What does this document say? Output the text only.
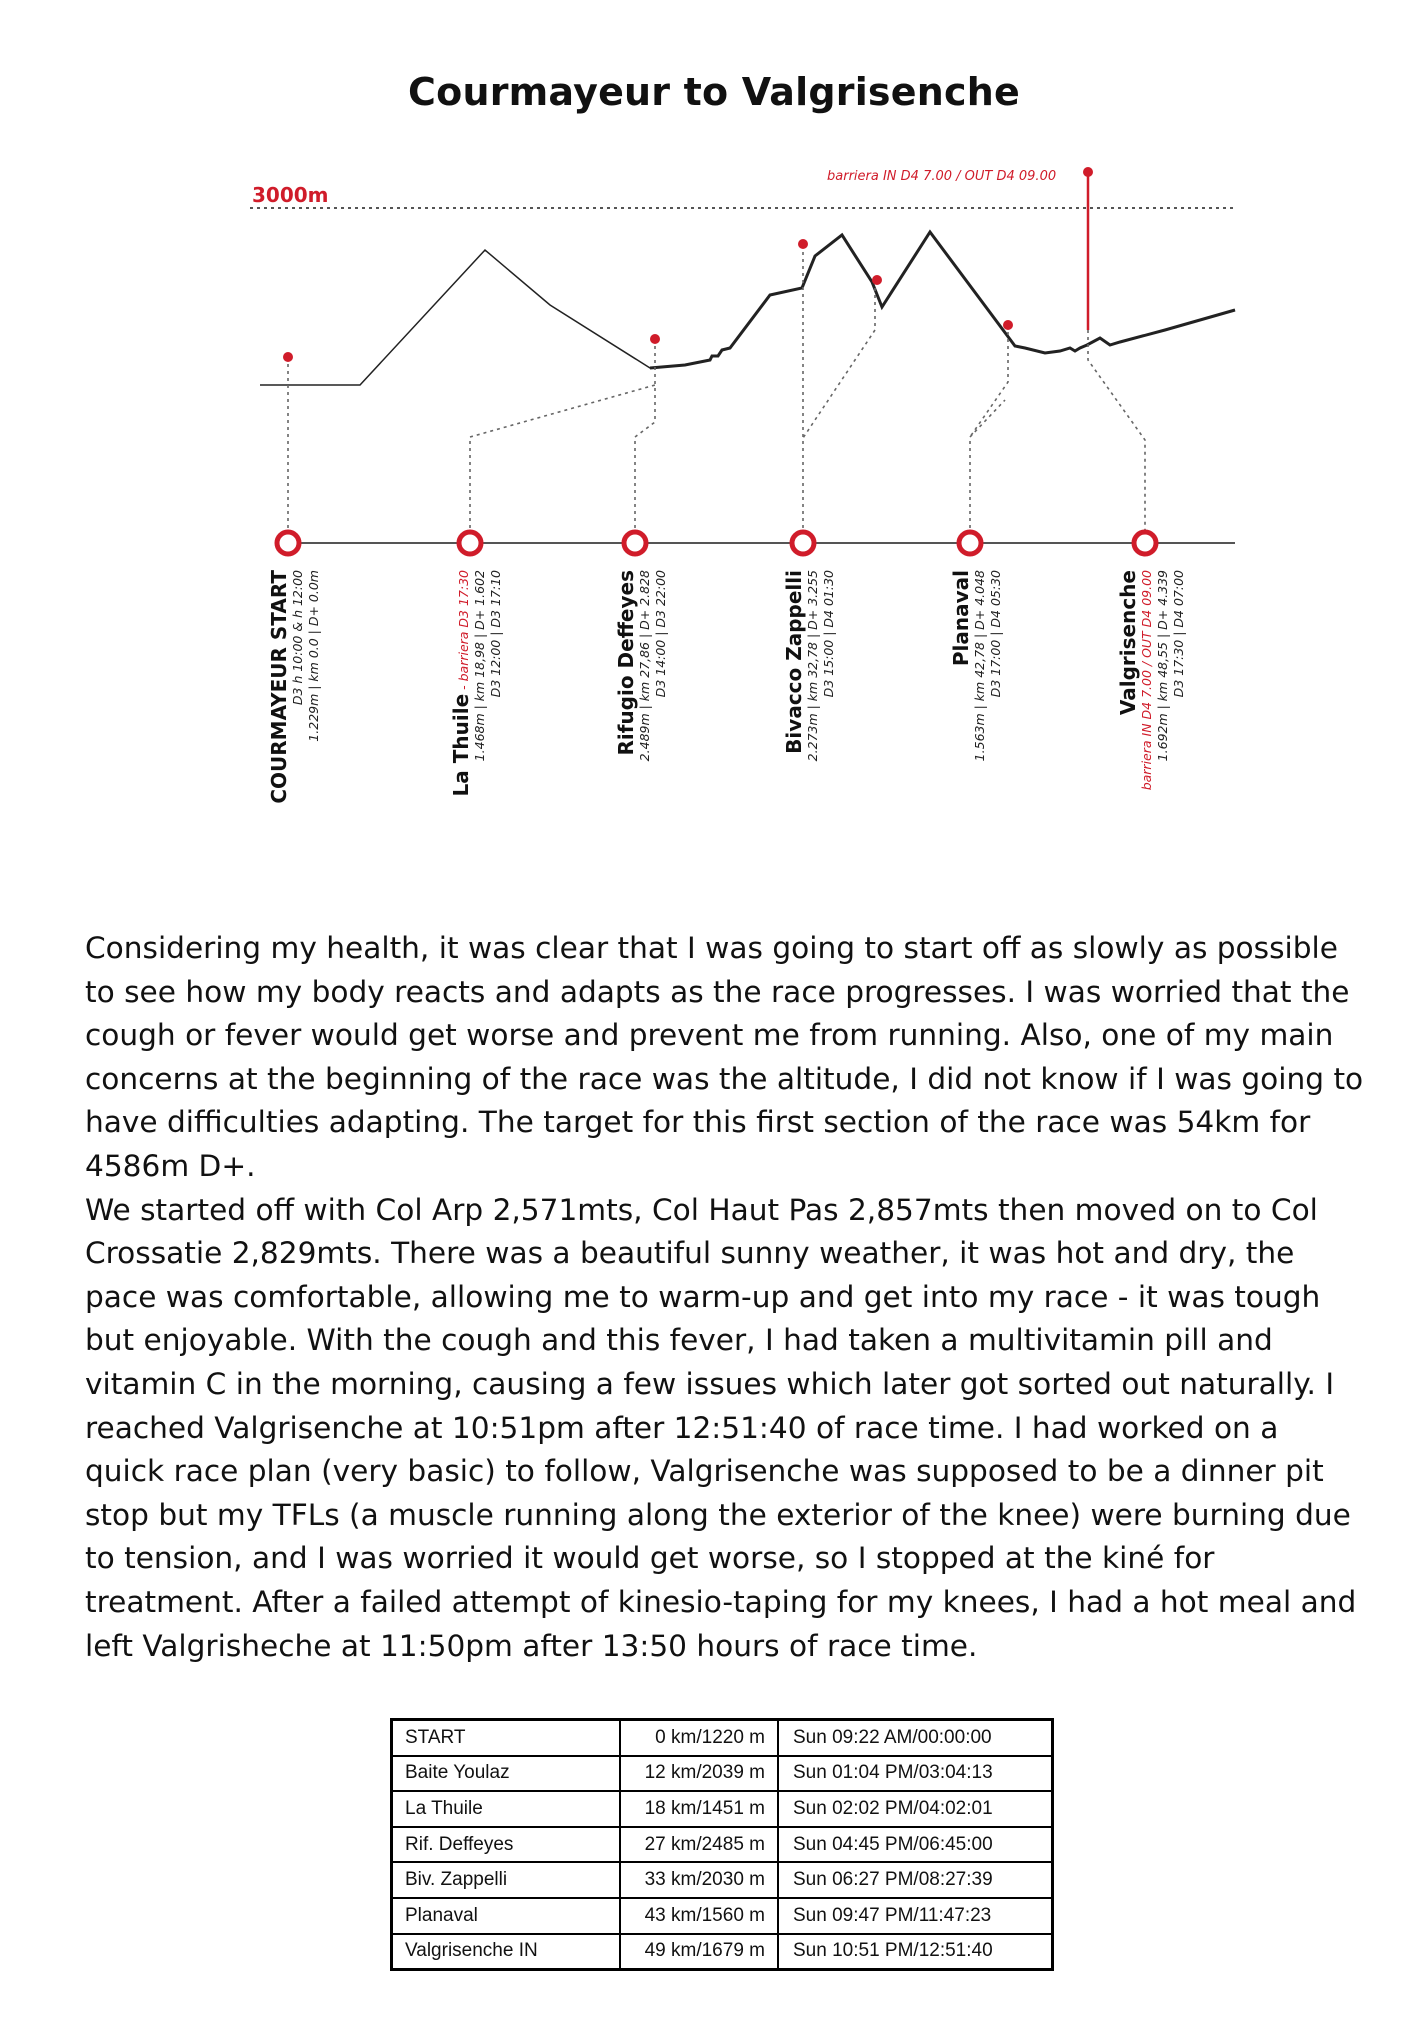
Courmayeur to Valgrisenche
3000m
barriera IN D4 7.00 / OUT D4 09.00
COURMAYEUR START D3 h 10:00 & h 12:00 1.229m | km 0.0 | D+ 0.0m
La Thuile - barriera D3 17:30 1.468m | km 18,98 | D+ 1.602 D3 12:00 | D3 17:10	Rifugio Deffeyes 2.489m | km 27,86 | D+ 2.828 D3 14:00 | D3 22:00	Bivacco Zappelli 2.273m | km 32,78 | D+ 3.255 D3 15:00 | D4 01:30	Planaval 1.563m | km 42,78 | D+ 4.048 D3 17:00 | D4 05:30	Valgrisenche barriera IN D4 7.00 / OUT D4 09.00 1.692m | km 48,55 | D+ 4.339 D3 17:30 | D4 07:00

Considering my health, it was clear that I was going to start off as slowly as possible to see how my body reacts and adapts as the race progresses. I was worried that the cough or fever would get worse and prevent me from running. Also, one of my main concerns at the beginning of the race was the altitude, I did not know if I was going to have difficulties adapting. The target for this first section of the race was 54km for 4586m D+.

We started off with Col Arp 2,571mts, Col Haut Pas 2,857mts then moved on to Col Crossatie 2,829mts. There was a beautiful sunny weather, it was hot and dry, the pace was comfortable, allowing me to warm-up and get into my race - it was tough but enjoyable. With the cough and this fever, I had taken a multivitamin pill and vitamin C in the morning, causing a few issues which later got sorted out naturally. I reached Valgrisenche at 10:51pm after 12:51:40 of race time. I had worked on a quick race plan (very basic) to follow, Valgrisenche was supposed to be a dinner pit stop but my TFLs (a muscle running along the exterior of the knee) were burning due to tension, and I was worried it would get worse, so I stopped at the kiné for treatment. After a failed attempt of kinesio-taping for my knees, I had a hot meal and left Valgrisheche at 11:50pm after 13:50 hours of race time.

START	0 km/1220 m	Sun 09:22 AM/00:00:00
Baite Youlaz	12 km/2039 m	Sun 01:04 PM/03:04:13
La Thuile	18 km/1451 m	Sun 02:02 PM/04:02:01
Rif. Deffeyes	27 km/2485 m	Sun 04:45 PM/06:45:00
Biv. Zappelli	33 km/2030 m	Sun 06:27 PM/08:27:39
Planaval	43 km/1560 m	Sun 09:47 PM/11:47:23
Valgrisenche IN	49 km/1679 m	Sun 10:51 PM/12:51:40
